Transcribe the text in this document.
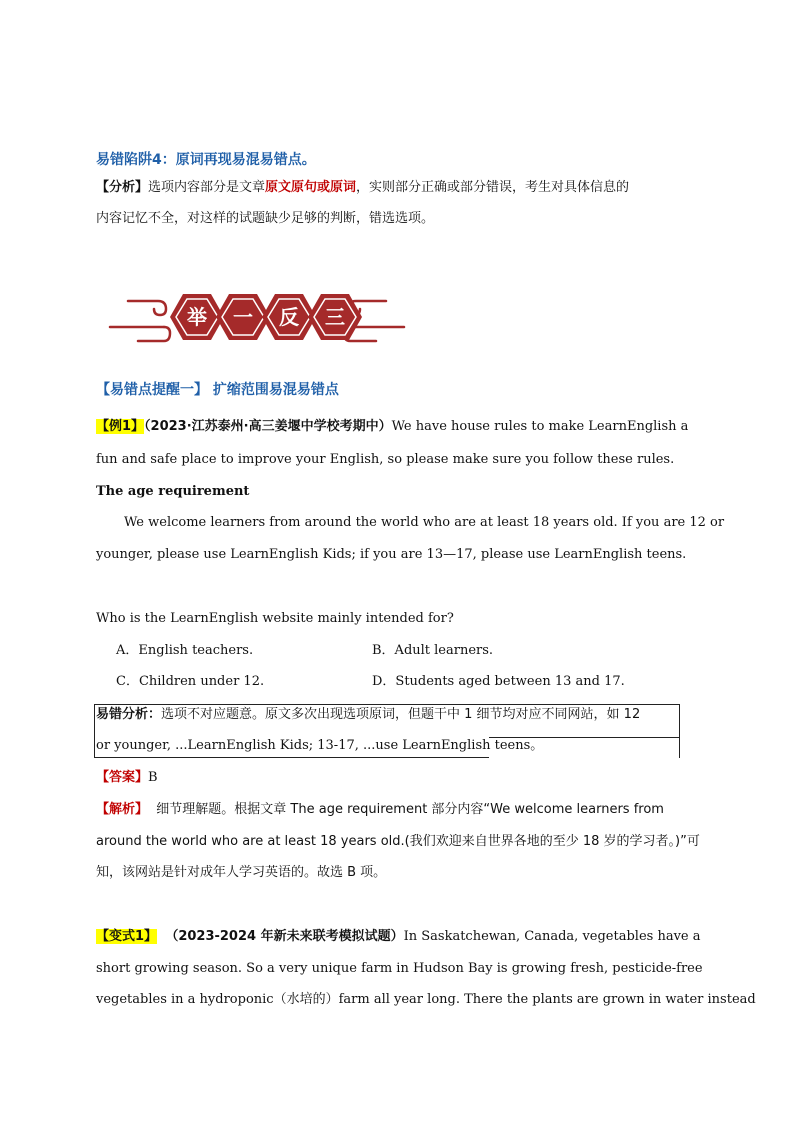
易错陷阱4：原词再现易混易错点。
【分析】选项内容部分是文章原文原句或原词，实则部分正确或部分错误，考生对具体信息的
内容记忆不全，对这样的试题缺少足够的判断，错选选项。
举 一 反 三
【易错点提醒一】 扩缩范围易混易错点
【例1】（2023·江苏泰州·高三姜堰中学校考期中）We have house rules to make LearnEnglish a
fun and safe place to improve your English, so please make sure you follow these rules.
The age requirement
We welcome learners from around the world who are at least 18 years old. If you are 12 or
younger, please use LearnEnglish Kids; if you are 13—17, please use LearnEnglish teens.
Who is the LearnEnglish website mainly intended for?
A．English teachers.	B．Adult learners.
C．Children under 12.	D．Students aged between 13 and 17.
易错分析：选项不对应题意。原文多次出现选项原词，但题干中 1 细节均对应不同网站，如 12
or younger, ...LearnEnglish Kids; 13-17, ...use LearnEnglish teens。
【答案】B
【解析】 细节理解题。根据文章 The age requirement 部分内容“We welcome learners from
around the world who are at least 18 years old.(我们欢迎来自世界各地的至少 18 岁的学习者。)”可
知，该网站是针对成年人学习英语的。故选 B 项。
【变式1】 （2023-2024 年新未来联考模拟试题）In Saskatchewan, Canada, vegetables have a
short growing season. So a very unique farm in Hudson Bay is growing fresh, pesticide-free
vegetables in a hydroponic（水培的）farm all year long. There the plants are grown in water instead
